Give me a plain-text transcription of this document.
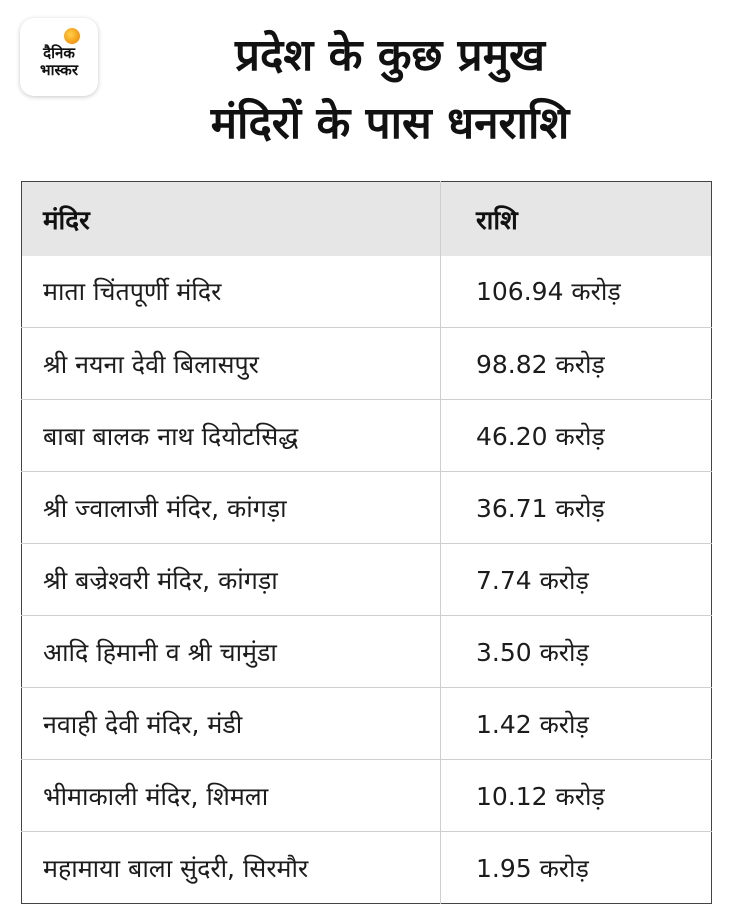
दैनिक
भास्कर	प्रदेश के कुछ प्रमुख
मंदिरों के पास धनराशि
मंदिर	राशि
माता चिंतपूर्णी मंदिर	106.94 करोड़
श्री नयना देवी बिलासपुर	98.82 करोड़
बाबा बालक नाथ दियोटसिद्ध	46.20 करोड़
श्री ज्वालाजी मंदिर, कांगड़ा	36.71 करोड़
श्री बज्रेश्वरी मंदिर, कांगड़ा	7.74 करोड़
आदि हिमानी व श्री चामुंडा	3.50 करोड़
नवाही देवी मंदिर, मंडी	1.42 करोड़
भीमाकाली मंदिर, शिमला	10.12 करोड़
महामाया बाला सुंदरी, सिरमौर	1.95 करोड़
